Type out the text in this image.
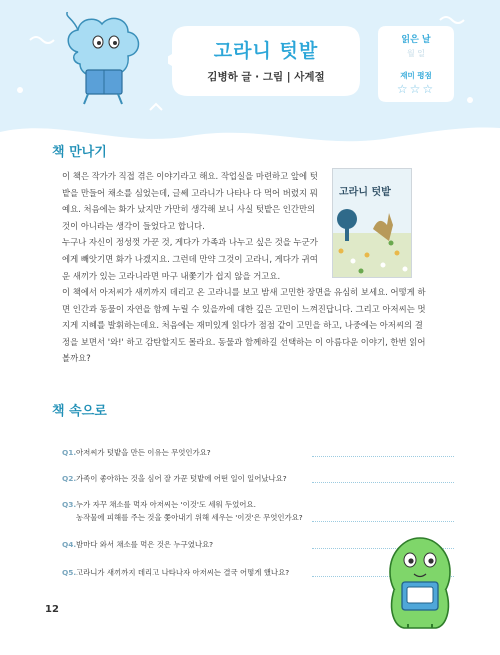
고라니 텃밭
김병하 글 · 그림 | 사계절
읽은 날
월 일
재미 평점
☆☆☆
책 만나기
이 책은 작가가 직접 겪은 이야기라고 해요. 작업실을 마련하고 앞에 텃
밭을 만들어 채소를 심었는데, 글쎄 고라니가 나타나 다 먹어 버렸지 뭐
예요. 처음에는 화가 났지만 가만히 생각해 보니 사실 텃밭은 인간만의
것이 아니라는 생각이 들었다고 합니다.
누구나 자신이 정성껏 가꾼 것, 게다가 가족과 나누고 싶은 것을 누군가
에게 빼앗기면 화가 나겠지요. 그런데 만약 그것이 고라니, 게다가 귀여
운 새끼가 있는 고라니라면 마구 내쫓기가 쉽지 않을 거고요.
이 책에서 아저씨가 새끼까지 데리고 온 고라니를 보고 밤새 고민한 장면을 유심히 보세요. 어떻게 하
면 인간과 동물이 자연을 함께 누릴 수 있을까에 대한 깊은 고민이 느껴진답니다. 그리고 아저씨는 멋
지게 지혜를 발휘하는데요. 처음에는 재미있게 읽다가 점점 같이 고민을 하고, 나중에는 아저씨의 결
정을 보면서 '와!' 하고 감탄할지도 몰라요. 동물과 함께하길 선택하는 이 아름다운 이야기, 한번 읽어
볼까요?
고라니 텃밭
책 속으로
Q1. 아저씨가 텃밭을 만든 이유는 무엇인가요?
Q2. 가족이 좋아하는 것을 심어 잘 가꾼 텃밭에 어떤 일이 일어났나요?
Q3. 누가 자꾸 채소를 먹자 아저씨는 '이것'도 세워 두었어요.
농작물에 피해를 주는 것을 쫓아내기 위해 세우는 '이것'은 무엇인가요?
Q4. 밤마다 와서 채소를 먹은 것은 누구였나요?
Q5. 고라니가 새끼까지 데리고 나타나자 아저씨는 결국 어떻게 했나요?
12
